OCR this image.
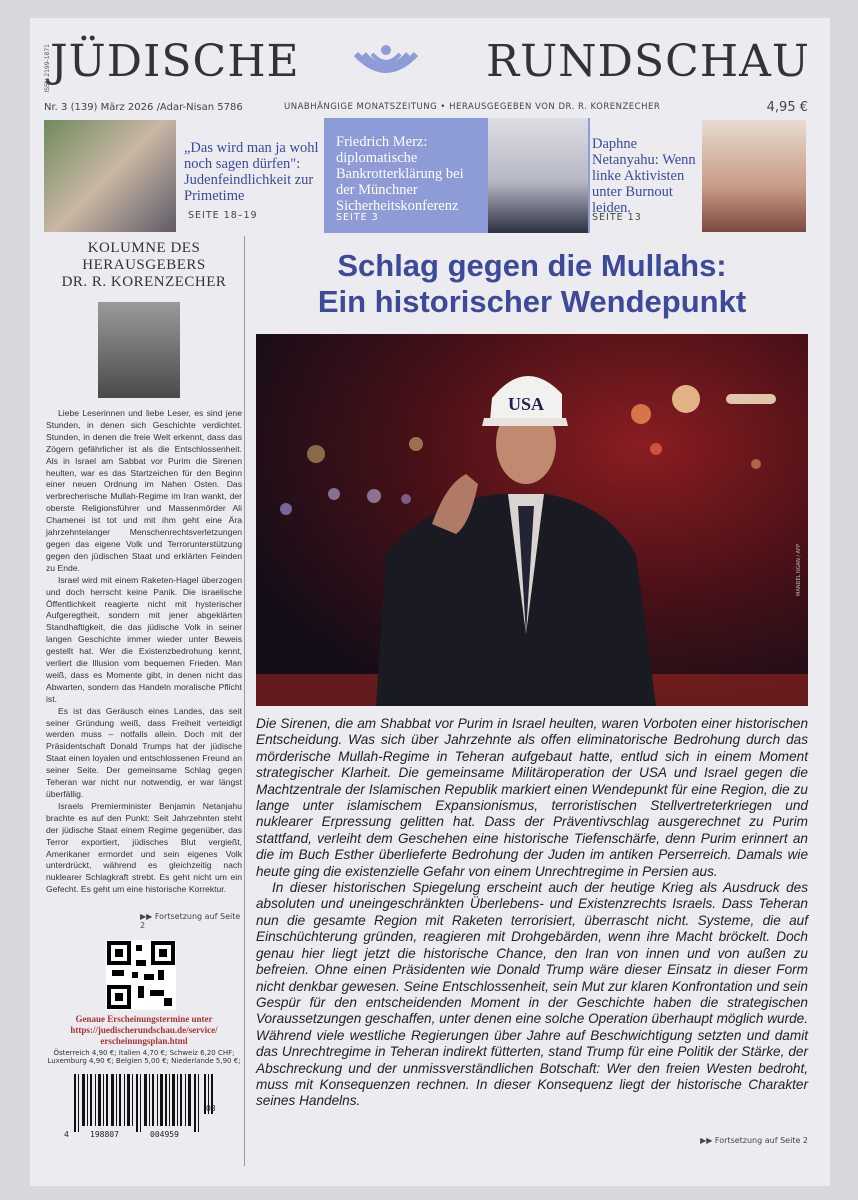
JÜDISCHE	RUNDSCHAU
ISSN 2199-1871
Nr. 3 (139) März 2026 /Adar-Nisan 5786	UNABHÄNGIGE MONATSZEITUNG • HERAUSGEGEBEN VON DR. R. KORENZECHER	4,95 €
„Das wird man ja wohl noch sagen dürfen": Judenfeindlichkeit zur Primetime
SEITE 18–19
Friedrich Merz: diplomatische Bankrotterklärung bei der Münchner Sicherheitskonferenz
SEITE 3
Daphne Netanyahu: Wenn linke Aktivisten unter Burnout leiden.
SEITE 13
KOLUMNE DES
HERAUSGEBERS
DR. R. KORENZECHER

Liebe Leserinnen und liebe Leser, es sind jene Stunden, in denen sich Geschichte verdichtet. Stunden, in denen die freie Welt erkennt, dass das Zögern gefährlicher ist als die Entschlossenheit. Als in Israel am Sabbat vor Purim die Sirenen heulten, war es das Startzeichen für den Beginn einer neuen Ordnung im Nahen Osten. Das verbrecherische Mullah-Regime im Iran wankt, der oberste Religionsführer und Massenmörder Ali Chamenei ist tot und mit ihm geht eine Ära jahrzehntelanger Menschenrechtsverletzungen gegen das eigene Volk und Terrorunterstützung gegen den jüdischen Staat und erklärten Feinden zu Ende.

Israel wird mit einem Raketen-Hagel überzogen und doch herrscht keine Panik. Die israelische Öffentlichkeit reagierte nicht mit hysterischer Aufgeregtheit, sondern mit jener abgeklärten Standhaftigkeit, die das jüdische Volk in seiner langen Geschichte immer wieder unter Beweis gestellt hat. Wer die Existenzbedrohung kennt, verliert die Illusion vom bequemen Frieden. Man weiß, dass es Momente gibt, in denen nicht das Abwarten, sondern das Handeln moralische Pflicht ist.

Es ist das Geräusch eines Landes, das seit seiner Gründung weiß, dass Freiheit verteidigt werden muss – notfalls allein. Doch mit der Präsidentschaft Donald Trumps hat der jüdische Staat einen loyalen und entschlossenen Freund an seiner Seite. Der gemeinsame Schlag gegen Teheran war nicht nur notwendig, er war längst überfällig.

Israels Premierminister Benjamin Netanjahu brachte es auf den Punkt: Seit Jahrzehnten steht der jüdische Staat einem Regime gegenüber, das Terror exportiert, jüdisches Blut vergießt, Amerikaner ermordet und sein eigenes Volk unterdrückt, während es gleichzeitig nach nuklearer Schlagkraft strebt. Es geht nicht um ein Gefecht. Es geht um eine historische Korrektur.

▶▶ Fortsetzung auf Seite 2
Genaue Erscheinungstermine unter
https://juedischerundschau.de/service/
erscheinungsplan.html
Österreich 4,90 €; Italien 4,70 €; Schweiz 6,20 CHF;
Luxemburg 4,90 €; Belgien 5,00 €; Niederlande 5,90 €;
4	198807	004959
03
Schlag gegen die Mullahs:
Ein historischer Wendepunkt
USA
MANDEL NGAN / AFP

Die Sirenen, die am Shabbat vor Purim in Israel heulten, waren Vorboten einer historischen Entscheidung. Was sich über Jahrzehnte als offen eliminatorische Bedrohung durch das mörderische Mullah-Regime in Teheran aufgebaut hatte, entlud sich in einem Moment strategischer Klarheit. Die gemeinsame Militäroperation der USA und Israel gegen die Machtzentrale der Islamischen Republik markiert einen Wendepunkt für eine Region, die zu lange unter islamischem Expansionismus, terroristischen Stellvertreterkriegen und nuklearer Erpressung gelitten hat. Dass der Präventivschlag ausgerechnet zu Purim stattfand, verleiht dem Geschehen eine historische Tiefenschärfe, denn Purim erinnert an die im Buch Esther überlieferte Bedrohung der Juden im antiken Perserreich. Damals wie heute ging die existenzielle Gefahr von einem Unrechtregime in Persien aus.

In dieser historischen Spiegelung erscheint auch der heutige Krieg als Ausdruck des absoluten und uneingeschränkten Überlebens- und Existenzrechts Israels. Dass Teheran nun die gesamte Region mit Raketen terrorisiert, überrascht nicht. Systeme, die auf Einschüchterung gründen, reagieren mit Drohgebärden, wenn ihre Macht bröckelt. Doch genau hier liegt jetzt die historische Chance, den Iran von innen und von außen zu befreien. Ohne einen Präsidenten wie Donald Trump wäre dieser Einsatz in dieser Form nicht denkbar gewesen. Seine Entschlossenheit, sein Mut zur klaren Konfrontation und sein Gespür für den entscheidenden Moment in der Geschichte haben die strategischen Voraussetzungen geschaffen, unter denen eine solche Operation überhaupt möglich wurde. Während viele westliche Regierungen über Jahre auf Beschwichtigung setzten und damit das Unrechtregime in Teheran indirekt fütterten, stand Trump für eine Politik der Stärke, der Abschreckung und der unmissverständlichen Botschaft: Wer den freien Westen bedroht, muss mit Konsequenzen rechnen. In dieser Konsequenz liegt der historische Charakter seines Handelns.

▶▶ Fortsetzung auf Seite 2
